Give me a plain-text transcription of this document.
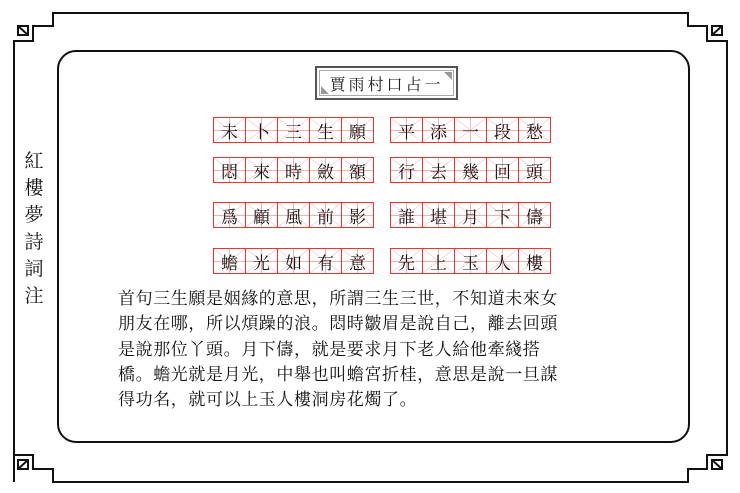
紅
樓
夢
詩
詞
注
賈雨村口占一
未 卜 三 生 願 平 添 一 段 愁
悶 來 時 斂 額 行 去 幾 回 頭
爲 顧 風 前 影 誰 堪 月 下 儔
蟾 光 如 有 意 先 上 玉 人 樓
首句三生願是姻緣的意思，所謂三生三世，不知道未來女
朋友在哪，所以煩躁的浪。悶時皺眉是說自己，離去回頭
是說那位丫頭。月下儔，就是要求月下老人給他牽綫搭
橋。蟾光就是月光，中舉也叫蟾宮折桂，意思是說一旦謀
得功名，就可以上玉人樓洞房花燭了。
